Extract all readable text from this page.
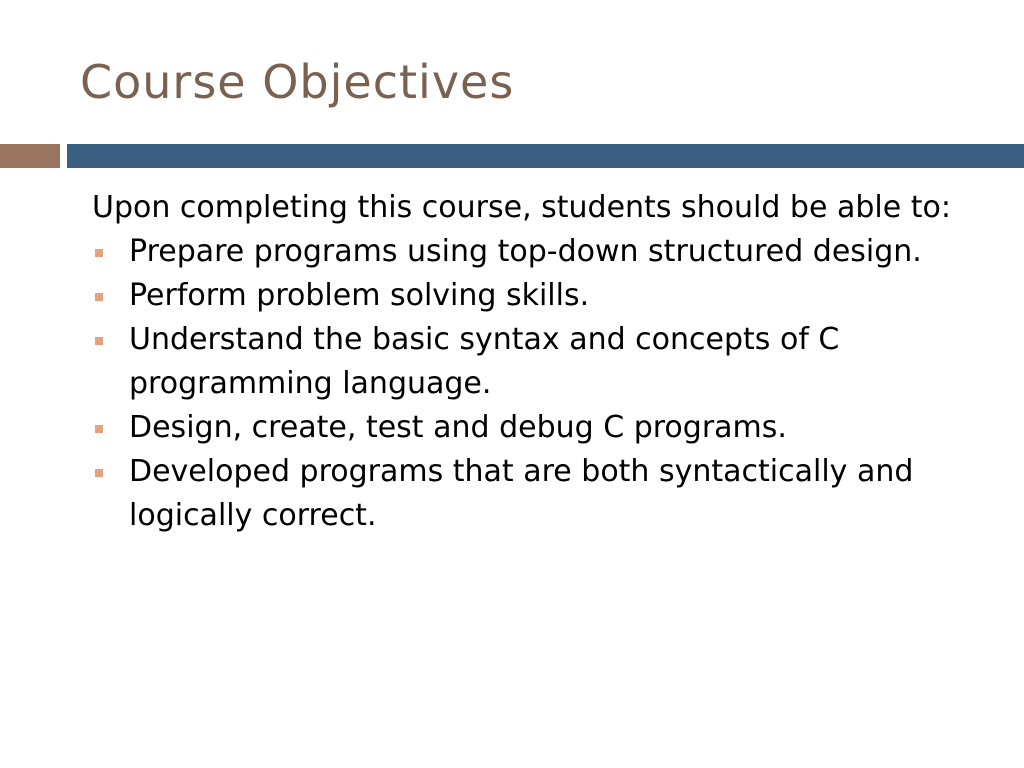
Course Objectives

Upon completing this course, students should be able to:

Prepare programs using top-down structured design.
Perform problem solving skills.
Understand the basic syntax and concepts of C programming language.
Design, create, test and debug C programs.
Developed programs that are both syntactically and logically correct.
